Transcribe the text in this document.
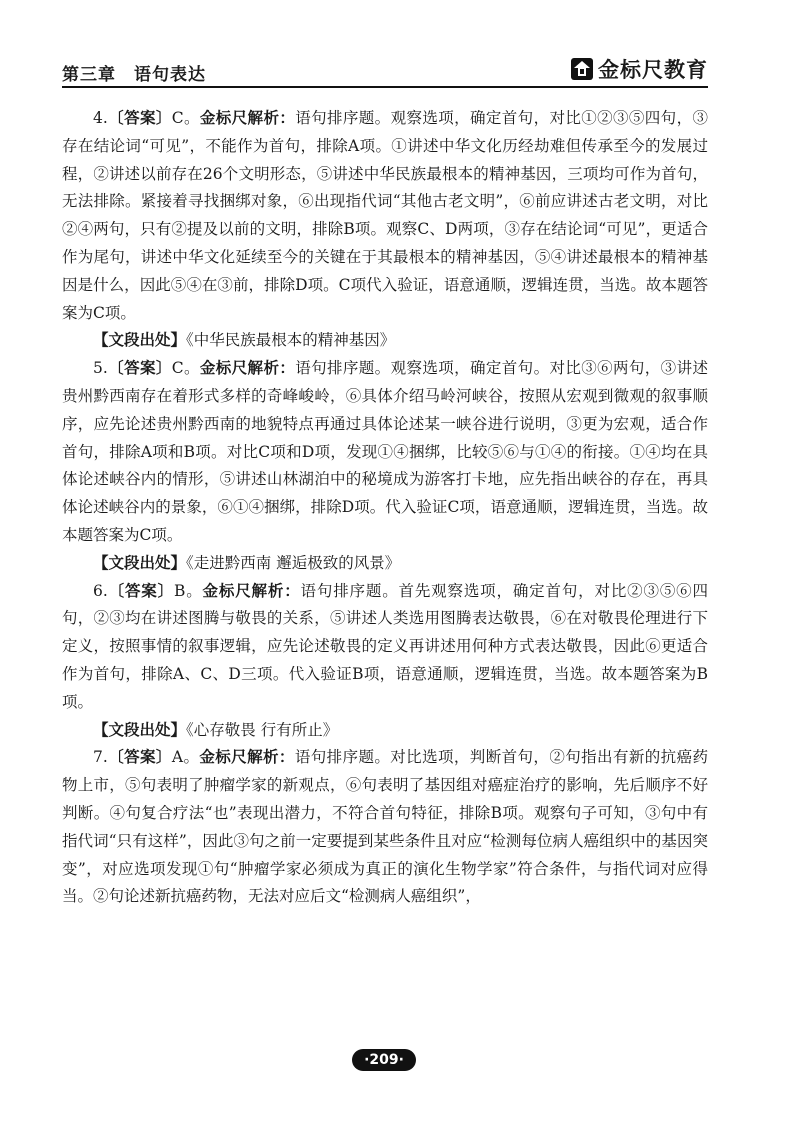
第三章 语句表达	金标尺教育

4.〔答案〕C。金标尺解析：语句排序题。观察选项，确定首句，对比①②③⑤四句，③存在结论词“可见”，不能作为首句，排除A项。①讲述中华文化历经劫难但传承至今的发展过程，②讲述以前存在26个文明形态，⑤讲述中华民族最根本的精神基因，三项均可作为首句，无法排除。紧接着寻找捆绑对象，⑥出现指代词“其他古老文明”，⑥前应讲述古老文明，对比②④两句，只有②提及以前的文明，排除B项。观察C、D两项，③存在结论词“可见”，更适合作为尾句，讲述中华文化延续至今的关键在于其最根本的精神基因，⑤④讲述最根本的精神基因是什么，因此⑤④在③前，排除D项。C项代入验证，语意通顺，逻辑连贯，当选。故本题答案为C项。

【文段出处】《中华民族最根本的精神基因》

5.〔答案〕C。金标尺解析：语句排序题。观察选项，确定首句。对比③⑥两句，③讲述贵州黔西南存在着形式多样的奇峰峻岭，⑥具体介绍马岭河峡谷，按照从宏观到微观的叙事顺序，应先论述贵州黔西南的地貌特点再通过具体论述某一峡谷进行说明，③更为宏观，适合作首句，排除A项和B项。对比C项和D项，发现①④捆绑，比较⑤⑥与①④的衔接。①④均在具体论述峡谷内的情形，⑤讲述山林湖泊中的秘境成为游客打卡地，应先指出峡谷的存在，再具体论述峡谷内的景象，⑥①④捆绑，排除D项。代入验证C项，语意通顺，逻辑连贯，当选。故本题答案为C项。

【文段出处】《走进黔西南 邂逅极致的风景》

6.〔答案〕B。金标尺解析：语句排序题。首先观察选项，确定首句，对比②③⑤⑥四句，②③均在讲述图腾与敬畏的关系，⑤讲述人类选用图腾表达敬畏，⑥在对敬畏伦理进行下定义，按照事情的叙事逻辑，应先论述敬畏的定义再讲述用何种方式表达敬畏，因此⑥更适合作为首句，排除A、C、D三项。代入验证B项，语意通顺，逻辑连贯，当选。故本题答案为B项。

【文段出处】《心存敬畏 行有所止》

7.〔答案〕A。金标尺解析：语句排序题。对比选项，判断首句，②句指出有新的抗癌药物上市，⑤句表明了肿瘤学家的新观点，⑥句表明了基因组对癌症治疗的影响，先后顺序不好判断。④句复合疗法“也”表现出潜力，不符合首句特征，排除B项。观察句子可知，③句中有指代词“只有这样”，因此③句之前一定要提到某些条件且对应“检测每位病人癌组织中的基因突变”，对应选项发现①句“肿瘤学家必须成为真正的演化生物学家”符合条件，与指代词对应得当。②句论述新抗癌药物，无法对应后文“检测病人癌组织”，

·209·
